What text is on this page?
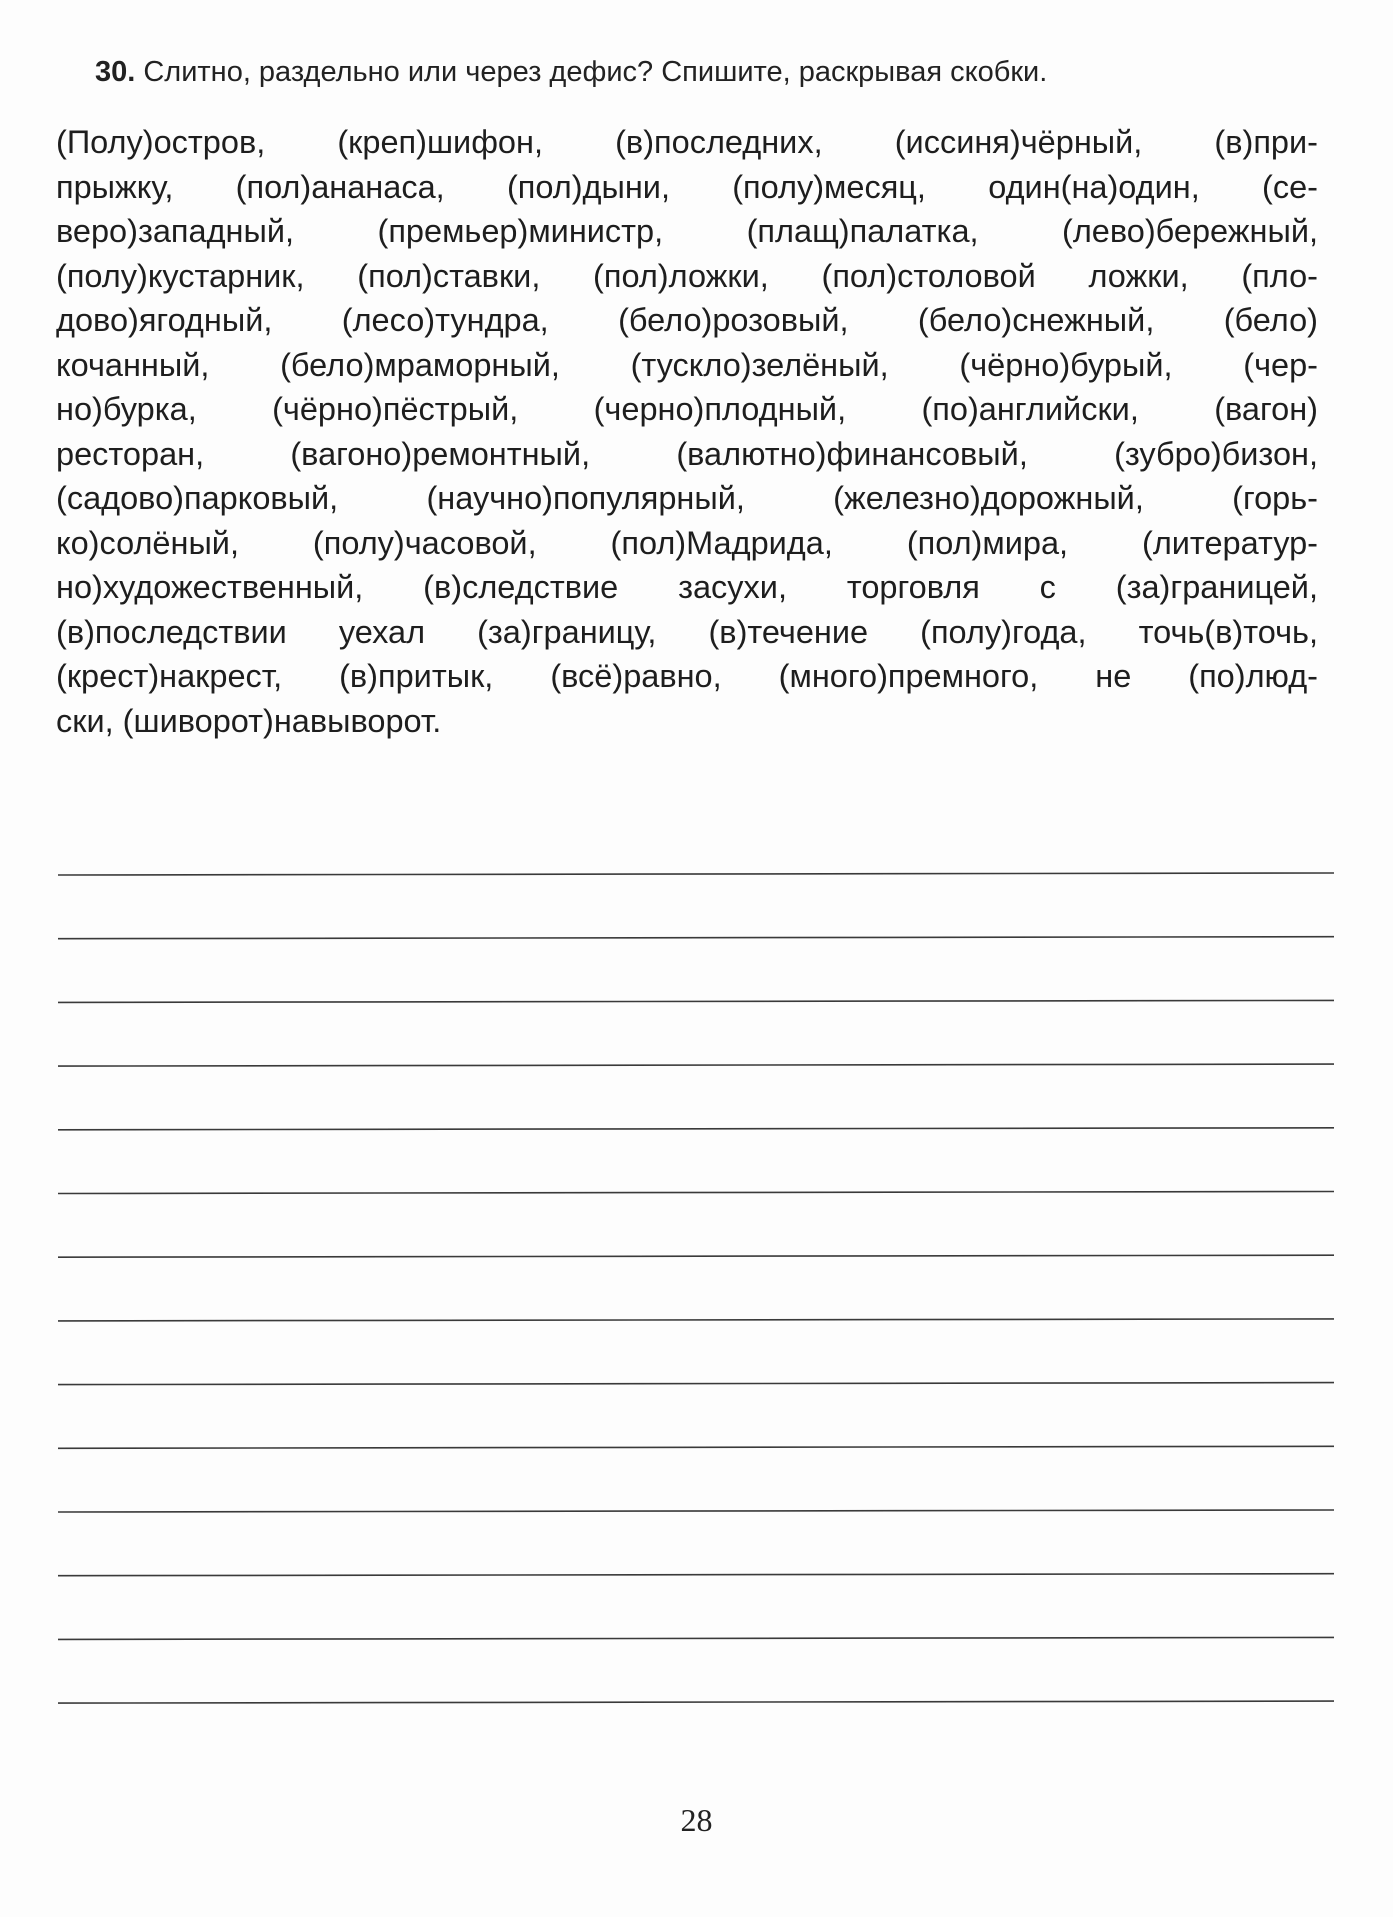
30. Слитно, раздельно или через дефис? Спишите, раскрывая скобки.
(Полу)остров, (креп)шифон, (в)последних, (иссиня)чёрный, (в)при-
прыжку, (пол)ананаса, (пол)дыни, (полу)месяц, один(на)один, (се-
веро)западный, (премьер)министр, (плащ)палатка, (лево)бережный,
(полу)кустарник, (пол)ставки, (пол)ложки, (пол)столовой ложки, (пло-
дово)ягодный, (лесо)тундра, (бело)розовый, (бело)снежный, (бело)
кочанный, (бело)мраморный, (тускло)зелёный, (чёрно)бурый, (чер-
но)бурка, (чёрно)пёстрый, (черно)плодный, (по)английски, (вагон)
ресторан, (вагоно)ремонтный, (валютно)финансовый, (зубро)бизон,
(садово)парковый, (научно)популярный, (железно)дорожный, (горь-
ко)солёный, (полу)часовой, (пол)Мадрида, (пол)мира, (литератур-
но)художественный, (в)следствие засухи, торговля с (за)границей,
(в)последствии уехал (за)границу, (в)течение (полу)года, точь(в)точь,
(крест)накрест, (в)притык, (всё)равно, (много)премного, не (по)люд-
ски, (шиворот)навыворот.
28
